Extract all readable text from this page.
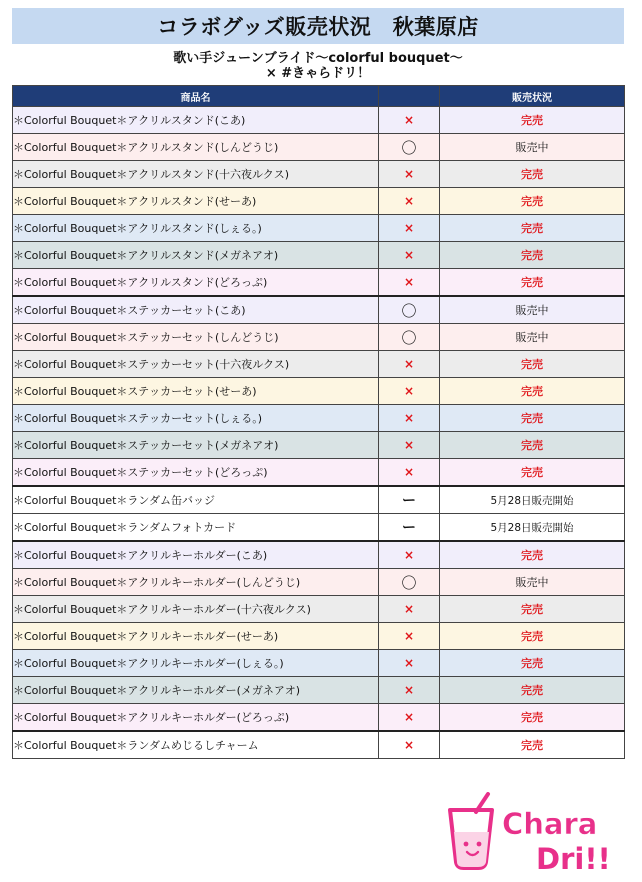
コラボグッズ販売状況　秋葉原店
歌い手ジューンブライド～colorful bouquet～
× #きゃらドリ！
商品名		販売状況
＊Colorful Bouquet＊アクリルスタンド(こあ)	×	完売
＊Colorful Bouquet＊アクリルスタンド(しんどうじ)	〇	販売中
＊Colorful Bouquet＊アクリルスタンド(十六夜ルクス)	×	完売
＊Colorful Bouquet＊アクリルスタンド(せーあ)	×	完売
＊Colorful Bouquet＊アクリルスタンド(しぇる。)	×	完売
＊Colorful Bouquet＊アクリルスタンド(メガネアオ)	×	完売
＊Colorful Bouquet＊アクリルスタンド(どろっぷ)	×	完売
＊Colorful Bouquet＊ステッカーセット(こあ)	〇	販売中
＊Colorful Bouquet＊ステッカーセット(しんどうじ)	〇	販売中
＊Colorful Bouquet＊ステッカーセット(十六夜ルクス)	×	完売
＊Colorful Bouquet＊ステッカーセット(せーあ)	×	完売
＊Colorful Bouquet＊ステッカーセット(しぇる。)	×	完売
＊Colorful Bouquet＊ステッカーセット(メガネアオ)	×	完売
＊Colorful Bouquet＊ステッカーセット(どろっぷ)	×	完売
＊Colorful Bouquet＊ランダム缶バッジ	ー	5月28日販売開始
＊Colorful Bouquet＊ランダムフォトカード	ー	5月28日販売開始
＊Colorful Bouquet＊アクリルキーホルダー(こあ)	×	完売
＊Colorful Bouquet＊アクリルキーホルダー(しんどうじ)	〇	販売中
＊Colorful Bouquet＊アクリルキーホルダー(十六夜ルクス)	×	完売
＊Colorful Bouquet＊アクリルキーホルダー(せーあ)	×	完売
＊Colorful Bouquet＊アクリルキーホルダー(しぇる。)	×	完売
＊Colorful Bouquet＊アクリルキーホルダー(メガネアオ)	×	完売
＊Colorful Bouquet＊アクリルキーホルダー(どろっぷ)	×	完売
＊Colorful Bouquet＊ランダムめじるしチャーム	×	完売
Chara
Dri!!
